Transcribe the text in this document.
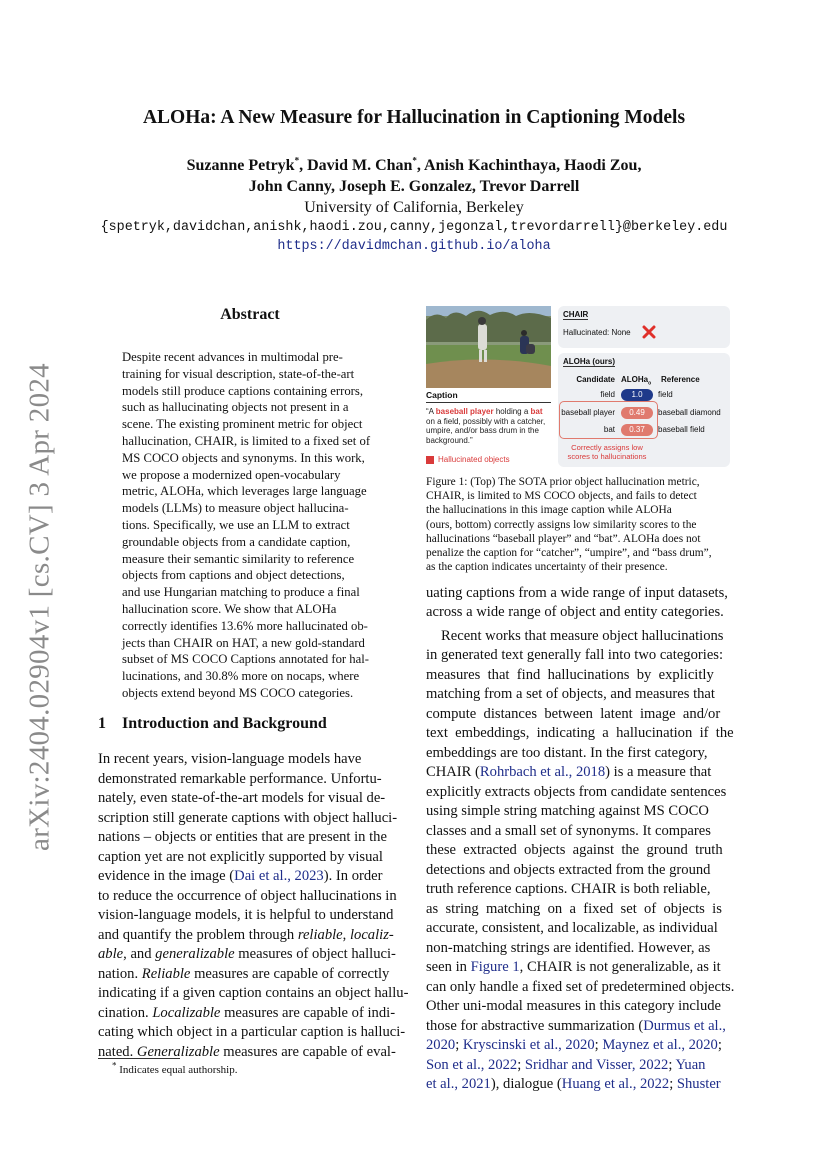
arXiv:2404.02904v1 [cs.CV] 3 Apr 2024
ALOHa: A New Measure for Hallucination in Captioning Models
Suzanne Petryk*, David M. Chan*, Anish Kachinthaya, Haodi Zou,
John Canny, Joseph E. Gonzalez, Trevor Darrell
University of California, Berkeley
{spetryk,davidchan,anishk,haodi.zou,canny,jegonzal,trevordarrell}@berkeley.edu
https://davidmchan.github.io/aloha
Abstract
Despite recent advances in multimodal pre-
training for visual description, state-of-the-art
models still produce captions containing errors,
such as hallucinating objects not present in a
scene. The existing prominent metric for object
hallucination, CHAIR, is limited to a fixed set of
MS COCO objects and synonyms. In this work,
we propose a modernized open-vocabulary
metric, ALOHa, which leverages large language
models (LLMs) to measure object hallucina-
tions. Specifically, we use an LLM to extract
groundable objects from a candidate caption,
measure their semantic similarity to reference
objects from captions and object detections,
and use Hungarian matching to produce a final
hallucination score. We show that ALOHa
correctly identifies 13.6% more hallucinated ob-
jects than CHAIR on HAT, a new gold-standard
subset of MS COCO Captions annotated for hal-
lucinations, and 30.8% more on nocaps, where
objects extend beyond MS COCO categories.
1 Introduction and Background
In recent years, vision-language models have
demonstrated remarkable performance. Unfortu-
nately, even state-of-the-art models for visual de-
scription still generate captions with object halluci-
nations – objects or entities that are present in the
caption yet are not explicitly supported by visual
evidence in the image (Dai et al., 2023). In order
to reduce the occurrence of object hallucinations in
vision-language models, it is helpful to understand
and quantify the problem through reliable, localiz-
able, and generalizable measures of object halluci-
nation. Reliable measures are capable of correctly
indicating if a given caption contains an object hallu-
cination. Localizable measures are capable of indi-
cating which object in a particular caption is halluci-
nated. Generalizable measures are capable of eval-
* Indicates equal authorship.
Caption
“A baseball player holding a bat
on a field, possibly with a catcher,
umpire, and/or bass drum in the
background.”
Hallucinated objects
CHAIR
Hallucinated: None
ALOHa (ours)
Candidate ALOHa$_o$ Reference
field	1.0	field
baseball player	0.49	baseball diamond
bat	0.37	baseball field
Correctly assigns low
scores to hallucinations
Figure 1: (Top) The SOTA prior object hallucination metric,
CHAIR, is limited to MS COCO objects, and fails to detect
the hallucinations in this image caption while ALOHa
(ours, bottom) correctly assigns low similarity scores to the
hallucinations “baseball player” and “bat”. ALOHa does not
penalize the caption for “catcher”, “umpire”, and “bass drum”,
as the caption indicates uncertainty of their presence.
uating captions from a wide range of input datasets,
across a wide range of object and entity categories.
Recent works that measure object hallucinations
in generated text generally fall into two categories:
measures  that  find  hallucinations  by  explicitly
matching from a set of objects, and measures that
compute  distances  between  latent  image  and/or
text  embeddings,  indicating  a  hallucination  if  the
embeddings are too distant. In the first category,
CHAIR (Rohrbach et al., 2018) is a measure that
explicitly extracts objects from candidate sentences
using simple string matching against MS COCO
classes and a small set of synonyms. It compares
these  extracted  objects  against  the  ground  truth
detections and objects extracted from the ground
truth reference captions. CHAIR is both reliable,
as  string  matching  on  a  fixed  set  of  objects  is
accurate, consistent, and localizable, as individual
non-matching strings are identified. However, as
seen in Figure 1, CHAIR is not generalizable, as it
can only handle a fixed set of predetermined objects.
Other uni-modal measures in this category include
those for abstractive summarization (Durmus et al.,
2020; Kryscinski et al., 2020; Maynez et al., 2020;
Son et al., 2022; Sridhar and Visser, 2022; Yuan
et al., 2021), dialogue (Huang et al., 2022; Shuster
